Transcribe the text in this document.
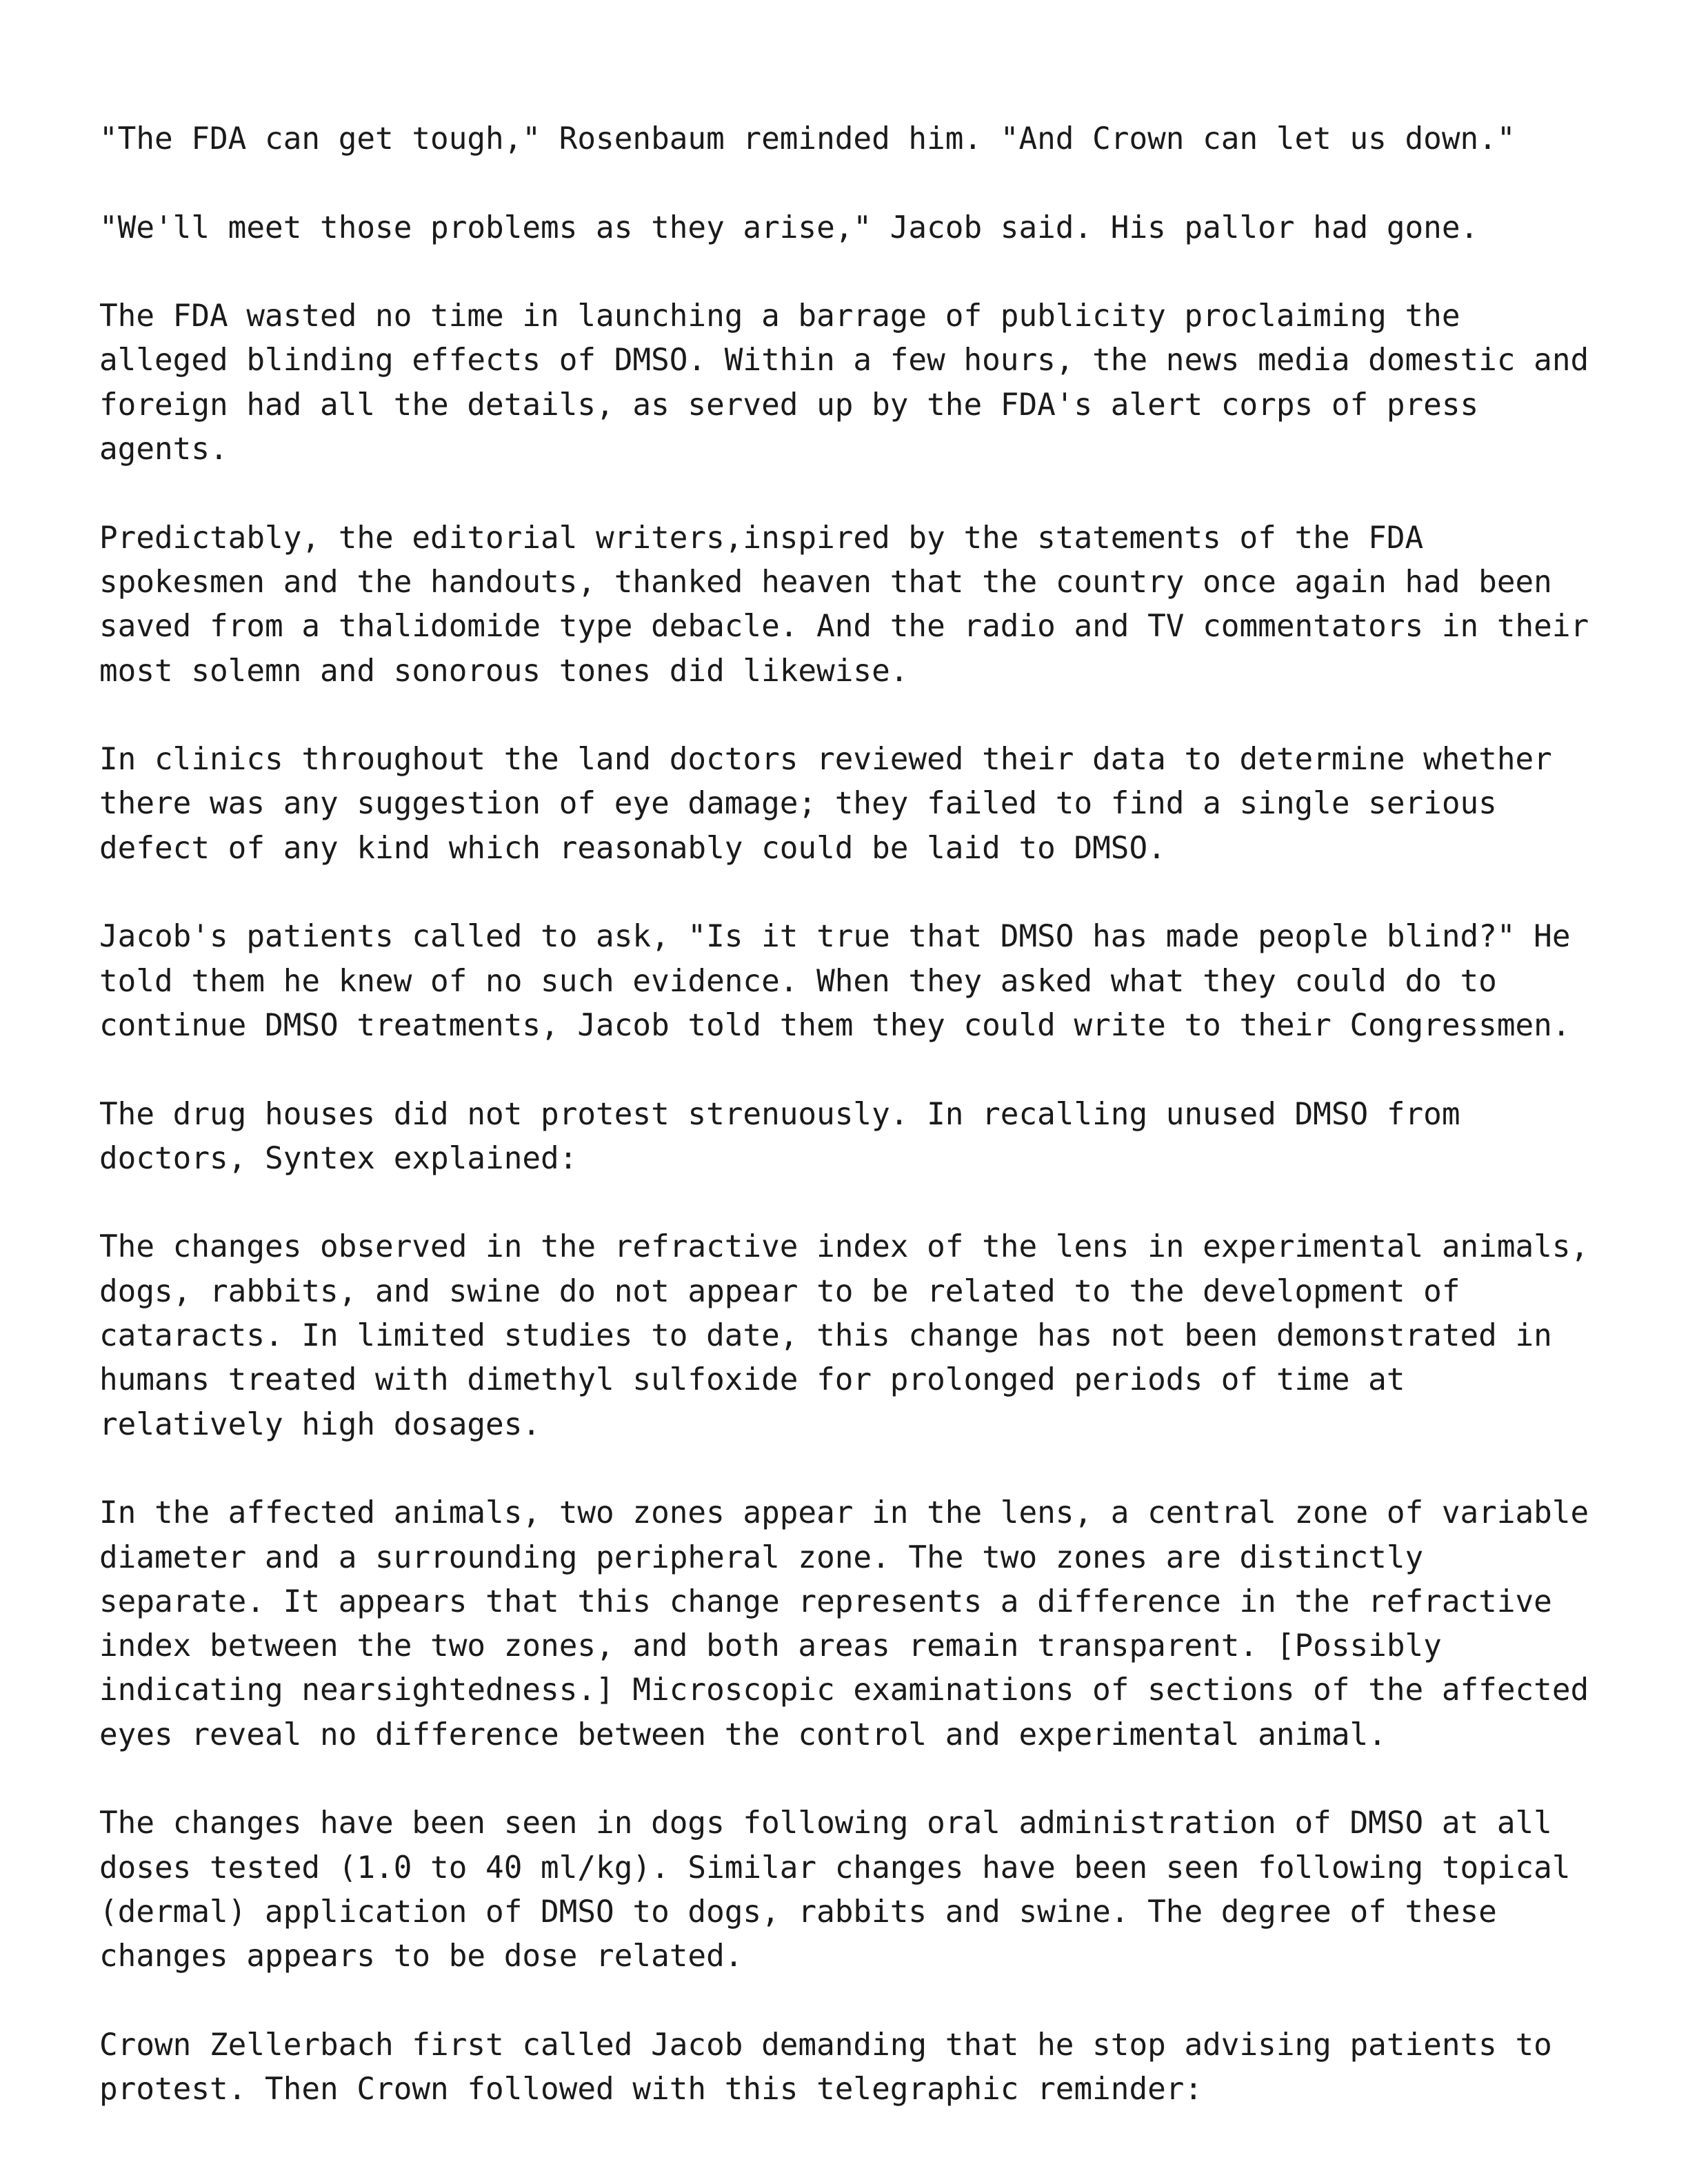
"The FDA can get tough," Rosenbaum reminded him. "And Crown can let us down."
"We'll meet those problems as they arise," Jacob said. His pallor had gone.
The FDA wasted no time in launching a barrage of publicity proclaiming the
alleged blinding effects of DMSO. Within a few hours, the news media domestic and
foreign had all the details, as served up by the FDA's alert corps of press
agents.
Predictably, the editorial writers,inspired by the statements of the FDA
spokesmen and the handouts, thanked heaven that the country once again had been
saved from a thalidomide type debacle. And the radio and TV commentators in their
most solemn and sonorous tones did likewise.
In clinics throughout the land doctors reviewed their data to determine whether
there was any suggestion of eye damage; they failed to find a single serious
defect of any kind which reasonably could be laid to DMSO.
Jacob's patients called to ask, "Is it true that DMSO has made people blind?" He
told them he knew of no such evidence. When they asked what they could do to
continue DMSO treatments, Jacob told them they could write to their Congressmen.
The drug houses did not protest strenuously. In recalling unused DMSO from
doctors, Syntex explained:
The changes observed in the refractive index of the lens in experimental animals,
dogs, rabbits, and swine do not appear to be related to the development of
cataracts. In limited studies to date, this change has not been demonstrated in
humans treated with dimethyl sulfoxide for prolonged periods of time at
relatively high dosages.
In the affected animals, two zones appear in the lens, a central zone of variable
diameter and a surrounding peripheral zone. The two zones are distinctly
separate. It appears that this change represents a difference in the refractive
index between the two zones, and both areas remain transparent. [Possibly
indicating nearsightedness.] Microscopic examinations of sections of the affected
eyes reveal no difference between the control and experimental animal.
The changes have been seen in dogs following oral administration of DMSO at all
doses tested (1.0 to 40 ml/kg). Similar changes have been seen following topical
(dermal) application of DMSO to dogs, rabbits and swine. The degree of these
changes appears to be dose related.
Crown Zellerbach first called Jacob demanding that he stop advising patients to
protest. Then Crown followed with this telegraphic reminder:
